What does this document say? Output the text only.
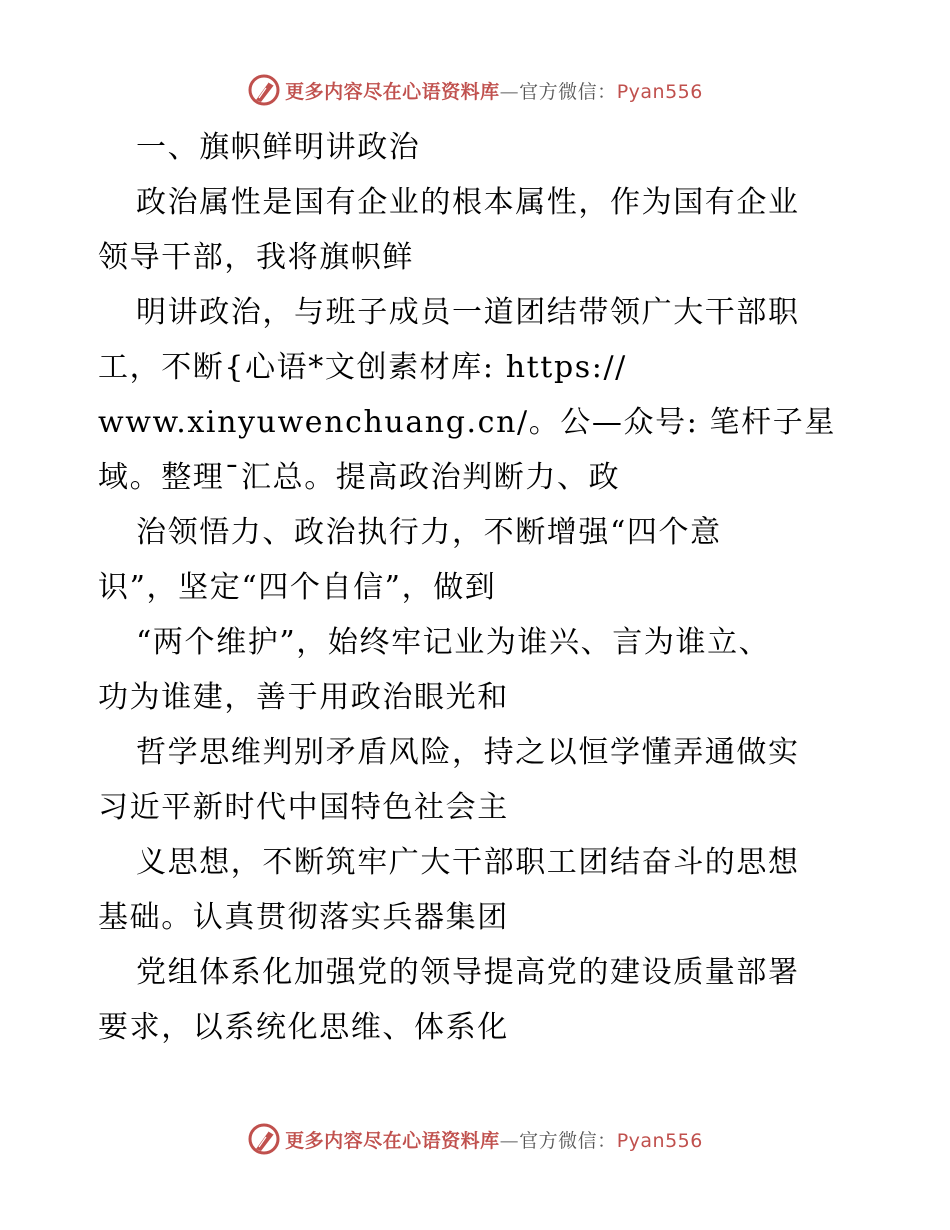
更多内容尽在心语资料库—官方微信：Pyan556
一、旗帜鲜明讲政治
政治属性是国有企业的根本属性，作为国有企业
领导干部，我将旗帜鲜
明讲政治，与班子成员一道团结带领广大干部职
工，不断{心语*文创素材库: https://
www.xinyuwenchuang.cn/。公—众号: 笔杆子星
域。整理¯汇总。提高政治判断力、政
治领悟力、政治执行力，不断增强“四个意
识”，坚定“四个自信”，做到
“两个维护”，始终牢记业为谁兴、言为谁立、
功为谁建，善于用政治眼光和
哲学思维判别矛盾风险，持之以恒学懂弄通做实
习近平新时代中国特色社会主
义思想，不断筑牢广大干部职工团结奋斗的思想
基础。认真贯彻落实兵器集团
党组体系化加强党的领导提高党的建设质量部署
要求，以系统化思维、体系化
更多内容尽在心语资料库—官方微信：Pyan556
